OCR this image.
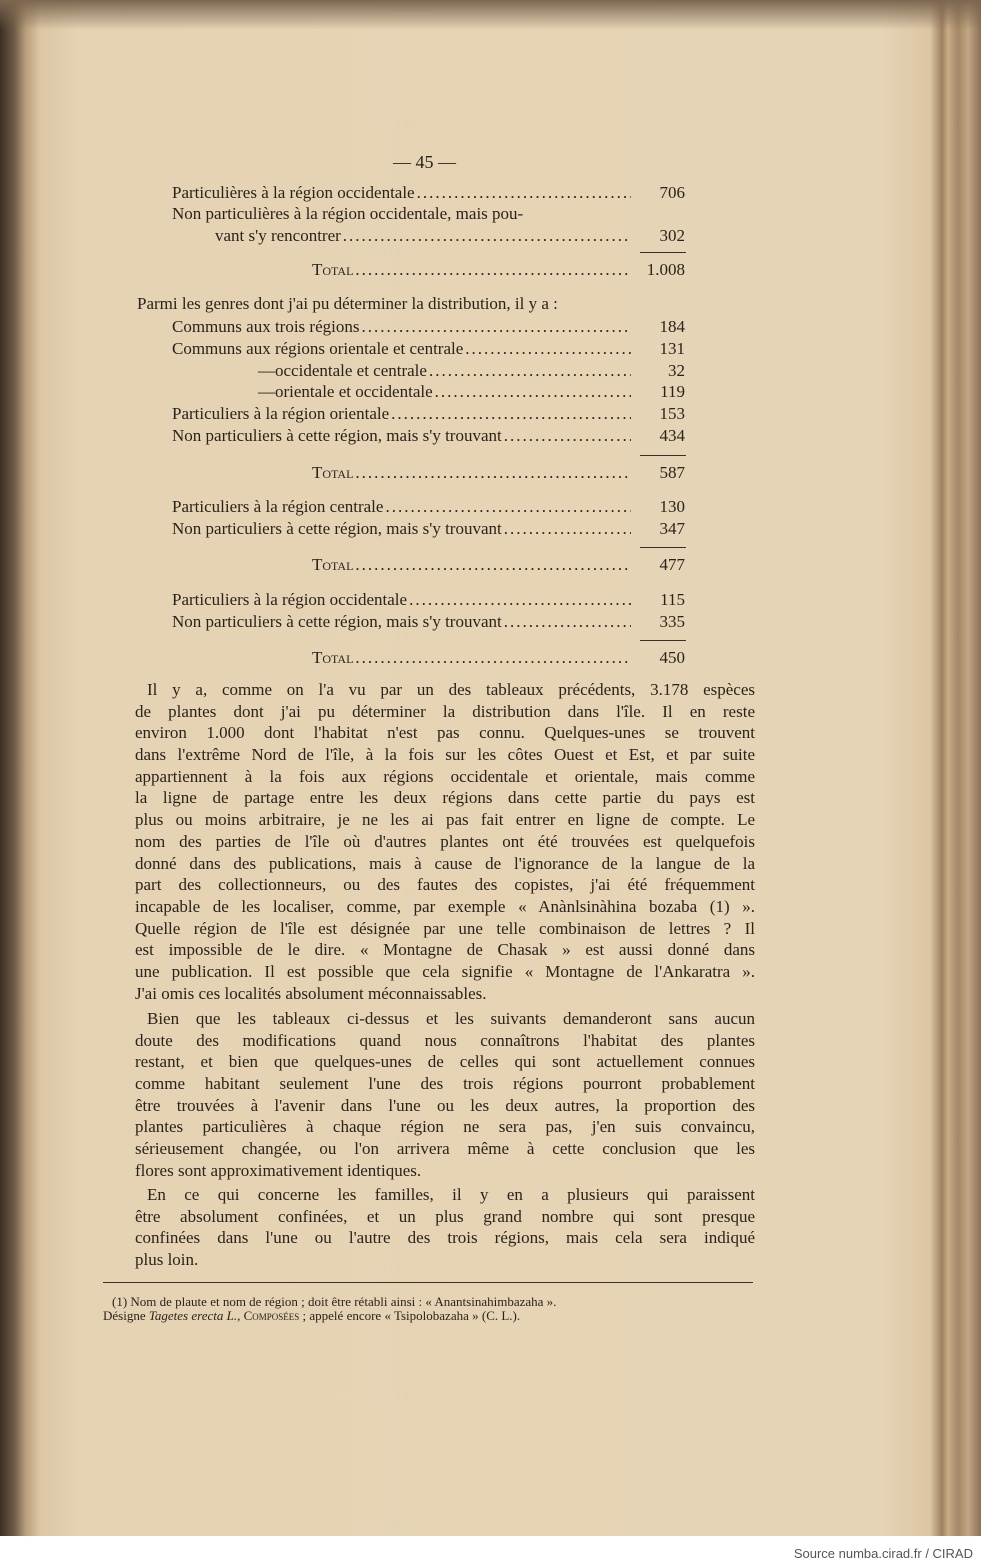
— 45 —
Particulières à la région occidentale .....	706
Non particulières à la région occidentale, mais pou-
vant s'y rencontrer .....	302
Total .....	1.008
Communs aux trois régions .....	184
Communs aux régions orientale et centrale .....	131
—occidentale et centrale .....	32
—orientale et occidentale .....	119
Particuliers à la région orientale .....	153
Non particuliers à cette région, mais s'y trouvant .....	434
Total .....	587
Particuliers à la région centrale .....	130
Non particuliers à cette région, mais s'y trouvant .....	347
Total .....	477
Particuliers à la région occidentale .....	115
Non particuliers à cette région, mais s'y trouvant .....	335
Total .....	450
Parmi les genres dont j'ai pu déterminer la distribution, il y a :
Il y a, comme on l'a vu par un des tableaux précédents, 3.178 espèces
de plantes dont j'ai pu déterminer la distribution dans l'île. Il en reste
environ 1.000 dont l'habitat n'est pas connu. Quelques-unes se trouvent
dans l'extrême Nord de l'île, à la fois sur les côtes Ouest et Est, et par suite
appartiennent à la fois aux régions occidentale et orientale, mais comme
la ligne de partage entre les deux régions dans cette partie du pays est
plus ou moins arbitraire, je ne les ai pas fait entrer en ligne de compte. Le
nom des parties de l'île où d'autres plantes ont été trouvées est quelquefois
donné dans des publications, mais à cause de l'ignorance de la langue de la
part des collectionneurs, ou des fautes des copistes, j'ai été fréquemment
incapable de les localiser, comme, par exemple « Anànlsinàhina bozaba (1) ».
Quelle région de l'île est désignée par une telle combinaison de lettres ? Il
est impossible de le dire. « Montagne de Chasak » est aussi donné dans
une publication. Il est possible que cela signifie « Montagne de l'Ankaratra ».
J'ai omis ces localités absolument méconnaissables.
Bien que les tableaux ci-dessus et les suivants demanderont sans aucun
doute des modifications quand nous connaîtrons l'habitat des plantes
restant, et bien que quelques-unes de celles qui sont actuellement connues
comme habitant seulement l'une des trois régions pourront probablement
être trouvées à l'avenir dans l'une ou les deux autres, la proportion des
plantes particulières à chaque région ne sera pas, j'en suis convaincu,
sérieusement changée, ou l'on arrivera même à cette conclusion que les
flores sont approximativement identiques.
En ce qui concerne les familles, il y en a plusieurs qui paraissent
être absolument confinées, et un plus grand nombre qui sont presque
confinées dans l'une ou l'autre des trois régions, mais cela sera indiqué
plus loin.
(1) Nom de plaute et nom de région ; doit être rétabli ainsi : « Anantsinahimbazaha ».
Désigne Tagetes erecta L., Composées ; appelé encore « Tsipolobazaha » (C. L.).
Source numba.cirad.fr / CIRAD
